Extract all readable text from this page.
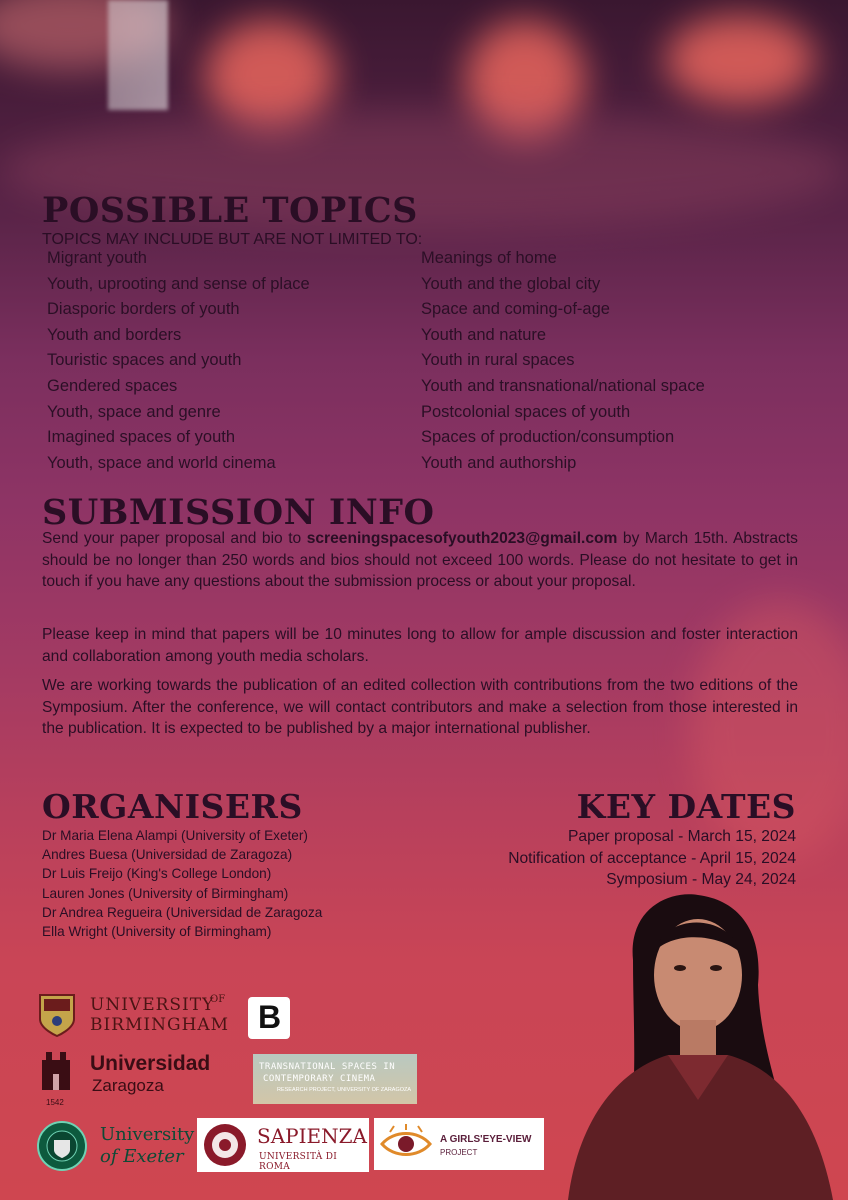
POSSIBLE TOPICS

TOPICS MAY INCLUDE BUT ARE NOT LIMITED TO:

Migrant youth
Youth, uprooting and sense of place
Diasporic borders of youth
Youth and borders
Touristic spaces and youth
Gendered spaces
Youth, space and genre
Imagined spaces of youth
Youth, space and world cinema
Meanings of home
Youth and the global city
Space and coming-of-age
Youth and nature
Youth in rural spaces
Youth and transnational/national space
Postcolonial spaces of youth
Spaces of production/consumption
Youth and authorship
SUBMISSION INFO

Send your paper proposal and bio to screeningspacesofyouth2023@gmail.com by March 15th. Abstracts should be no longer than 250 words and bios should not exceed 100 words. Please do not hesitate to get in touch if you have any questions about the submission process or about your proposal.

Please keep in mind that papers will be 10 minutes long to allow for ample discussion and foster interaction and collaboration among youth media scholars.

We are working towards the publication of an edited collection with contributions from the two editions of the Symposium. After the conference, we will contact contributors and make a selection from those interested in the publication. It is expected to be published by a major international publisher.

ORGANISERS
Dr Maria Elena Alampi (University of Exeter)
Andres Buesa (Universidad de Zaragoza)
Dr Luis Freijo (King's College London)
Lauren Jones (University of Birmingham)
Dr Andrea Regueira (Universidad de Zaragoza
Ella Wright (University of Birmingham)
KEY DATES
Paper proposal - March 15, 2024
Notification of acceptance - April 15, 2024
Symposium - May 24, 2024
UNIVERSITY
OF
BIRMINGHAM B
1542
Universidad
Zaragoza
TRANSNATIONAL SPACES IN
CONTEMPORARY CINEMA
RESEARCH PROJECT, UNIVERSITY OF ZARAGOZA
University
of Exeter
SAPIENZA
UNIVERSITÀ DI ROMA
A GIRLS'EYE-VIEW
PROJECT
